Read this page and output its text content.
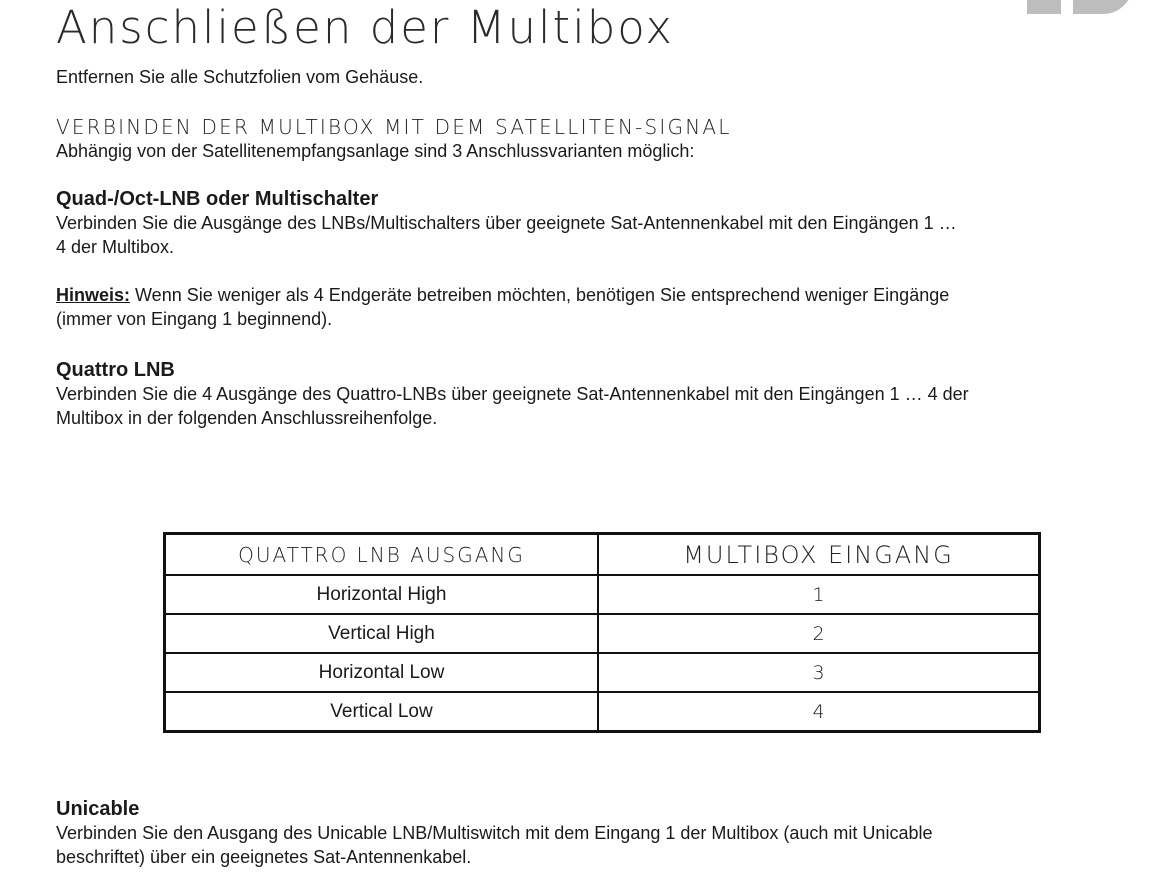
Anschließen der Multibox

Entfernen Sie alle Schutzfolien vom Gehäuse.

VERBINDEN DER MULTIBOX MIT DEM SATELLITEN-SIGNAL

Abhängig von der Satellitenempfangsanlage sind 3 Anschlussvarianten möglich:

Quad-/Oct-LNB oder Multischalter

Verbinden Sie die Ausgänge des LNBs/Multischalters über geeignete Sat-Antennenkabel mit den Eingängen 1 …

4 der Multibox.

Hinweis: Wenn Sie weniger als 4 Endgeräte betreiben möchten, benötigen Sie entsprechend weniger Eingänge

(immer von Eingang 1 beginnend).

Quattro LNB

Verbinden Sie die 4 Ausgänge des Quattro-LNBs über geeignete Sat-Antennenkabel mit den Eingängen 1 … 4 der

Multibox in der folgenden Anschlussreihenfolge.

QUATTRO LNB AUSGANG	MULTIBOX EINGANG
Horizontal High	1
Vertical High	2
Horizontal Low	3
Vertical Low	4
Unicable

Verbinden Sie den Ausgang des Unicable LNB/Multiswitch mit dem Eingang 1 der Multibox (auch mit Unicable

beschriftet) über ein geeignetes Sat-Antennenkabel.
